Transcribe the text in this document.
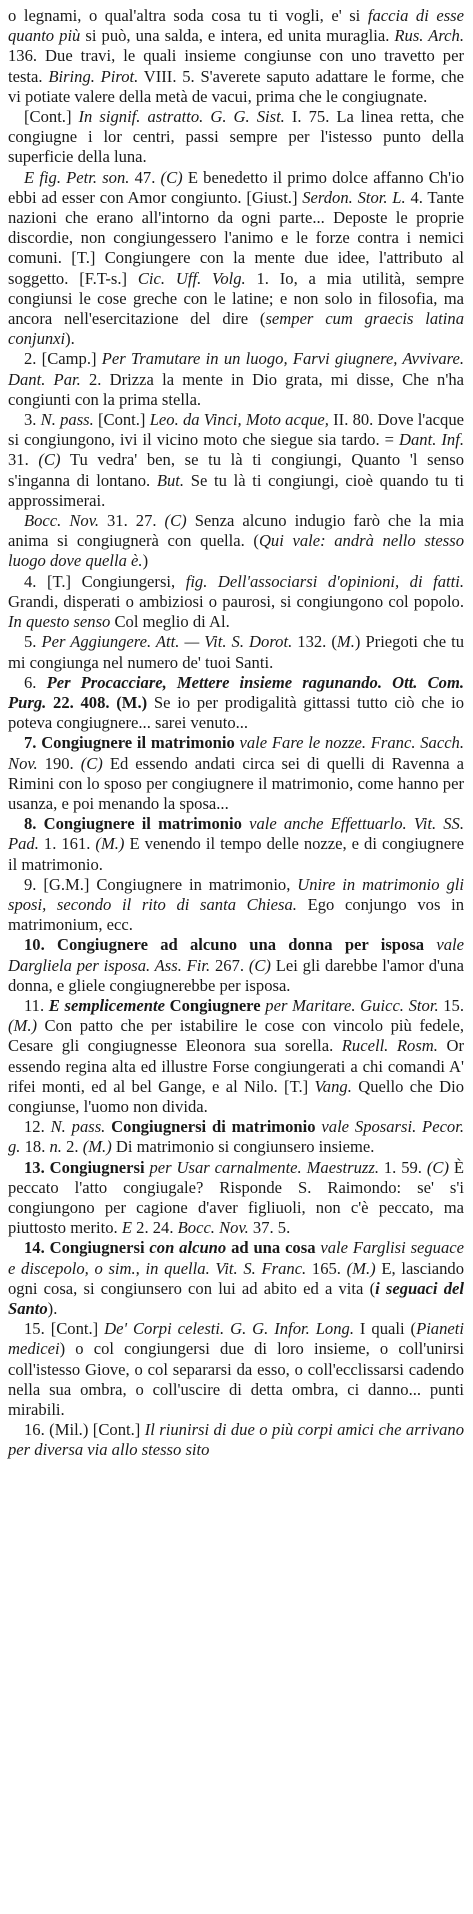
o legnami, o qual'altra soda cosa tu ti vogli, e' si faccia di esse quanto più si può, una salda, e intera, ed unita muraglia. Rus. Arch. 136. Due travi, le quali insieme congiunse con uno travetto per testa. Biring. Pirot. VIII. 5. S'averete saputo adattare le forme, che vi potiate valere della metà de vacui, prima che le congiugnate.

[Cont.] In signif. astratto. G. G. Sist. I. 75. La linea retta, che congiugne i lor centri, passi sempre per l'istesso punto della superficie della luna.

E fig. Petr. son. 47. (C) E benedetto il primo dolce affanno Ch'io ebbi ad esser con Amor congiunto. [Giust.] Serdon. Stor. L. 4. Tante nazioni che erano all'intorno da ogni parte... Deposte le proprie discordie, non congiungessero l'animo e le forze contra i nemici comuni. [T.] Congiungere con la mente due idee, l'attributo al soggetto. [F.T-s.] Cic. Uff. Volg. 1. Io, a mia utilità, sempre congiunsi le cose greche con le latine; e non solo in filosofia, ma ancora nell'esercitazione del dire (semper cum graecis latina conjunxi).

2. [Camp.] Per Tramutare in un luogo, Farvi giugnere, Avvivare. Dant. Par. 2. Drizza la mente in Dio grata, mi disse, Che n'ha congiunti con la prima stella.

3. N. pass. [Cont.] Leo. da Vinci, Moto acque, II. 80. Dove l'acque si congiungono, ivi il vicino moto che siegue sia tardo. = Dant. Inf. 31. (C) Tu vedra' ben, se tu là ti congiungi, Quanto 'l senso s'inganna di lontano. But. Se tu là ti congiungi, cioè quando tu ti approssimerai.

Bocc. Nov. 31. 27. (C) Senza alcuno indugio farò che la mia anima si congiugnerà con quella. (Qui vale: andrà nello stesso luogo dove quella è.)

4. [T.] Congiungersi, fig. Dell'associarsi d'opinioni, di fatti. Grandi, disperati o ambiziosi o paurosi, si congiungono col popolo. In questo senso Col meglio di Al.

5. Per Aggiungere. Att. — Vit. S. Dorot. 132. (M.) Priegoti che tu mi congiunga nel numero de' tuoi Santi.

6. Per Procacciare, Mettere insieme ragunando. Ott. Com. Purg. 22. 408. (M.) Se io per prodigalità gittassi tutto ciò che io poteva congiugnere... sarei venuto...

7. Congiugnere il matrimonio vale Fare le nozze. Franc. Sacch. Nov. 190. (C) Ed essendo andati circa sei di quelli di Ravenna a Rimini con lo sposo per congiugnere il matrimonio, come hanno per usanza, e poi menando la sposa...

8. Congiugnere il matrimonio vale anche Effettuarlo. Vit. SS. Pad. 1. 161. (M.) E venendo il tempo delle nozze, e di congiugnere il matrimonio.

9. [G.M.] Congiugnere in matrimonio, Unire in matrimonio gli sposi, secondo il rito di santa Chiesa. Ego conjungo vos in matrimonium, ecc.

10. Congiugnere ad alcuno una donna per isposa vale Dargliela per isposa. Ass. Fir. 267. (C) Lei gli darebbe l'amor d'una donna, e gliele congiugnerebbe per isposa.

11. E semplicemente Congiugnere per Maritare. Guicc. Stor. 15. (M.) Con patto che per istabilire le cose con vincolo più fedele, Cesare gli congiugnesse Eleonora sua sorella. Rucell. Rosm. Or essendo regina alta ed illustre Forse congiungerati a chi comandi A' rifei monti, ed al bel Gange, e al Nilo. [T.] Vang. Quello che Dio congiunse, l'uomo non divida.

12. N. pass. Congiugnersi di matrimonio vale Sposarsi. Pecor. g. 18. n. 2. (M.) Di matrimonio si congiunsero insieme.

13. Congiugnersi per Usar carnalmente. Maestruzz. 1. 59. (C) È peccato l'atto congiugale? Risponde S. Raimondo: se' s'i congiungono per cagione d'aver figliuoli, non c'è peccato, ma piuttosto merito. E 2. 24. Bocc. Nov. 37. 5.

14. Congiugnersi con alcuno ad una cosa vale Farglisi seguace e discepolo, o sim., in quella. Vit. S. Franc. 165. (M.) E, lasciando ogni cosa, si congiunsero con lui ad abito ed a vita (i seguaci del Santo).

15. [Cont.] De' Corpi celesti. G. G. Infor. Long. I quali (Pianeti medicei) o col congiungersi due di loro insieme, o coll'unirsi coll'istesso Giove, o col separarsi da esso, o coll'ecclissarsi cadendo nella sua ombra, o coll'uscire di detta ombra, ci danno... punti mirabili.

16. (Mil.) [Cont.] Il riunirsi di due o più corpi amici che arrivano per diversa via allo stesso sito
